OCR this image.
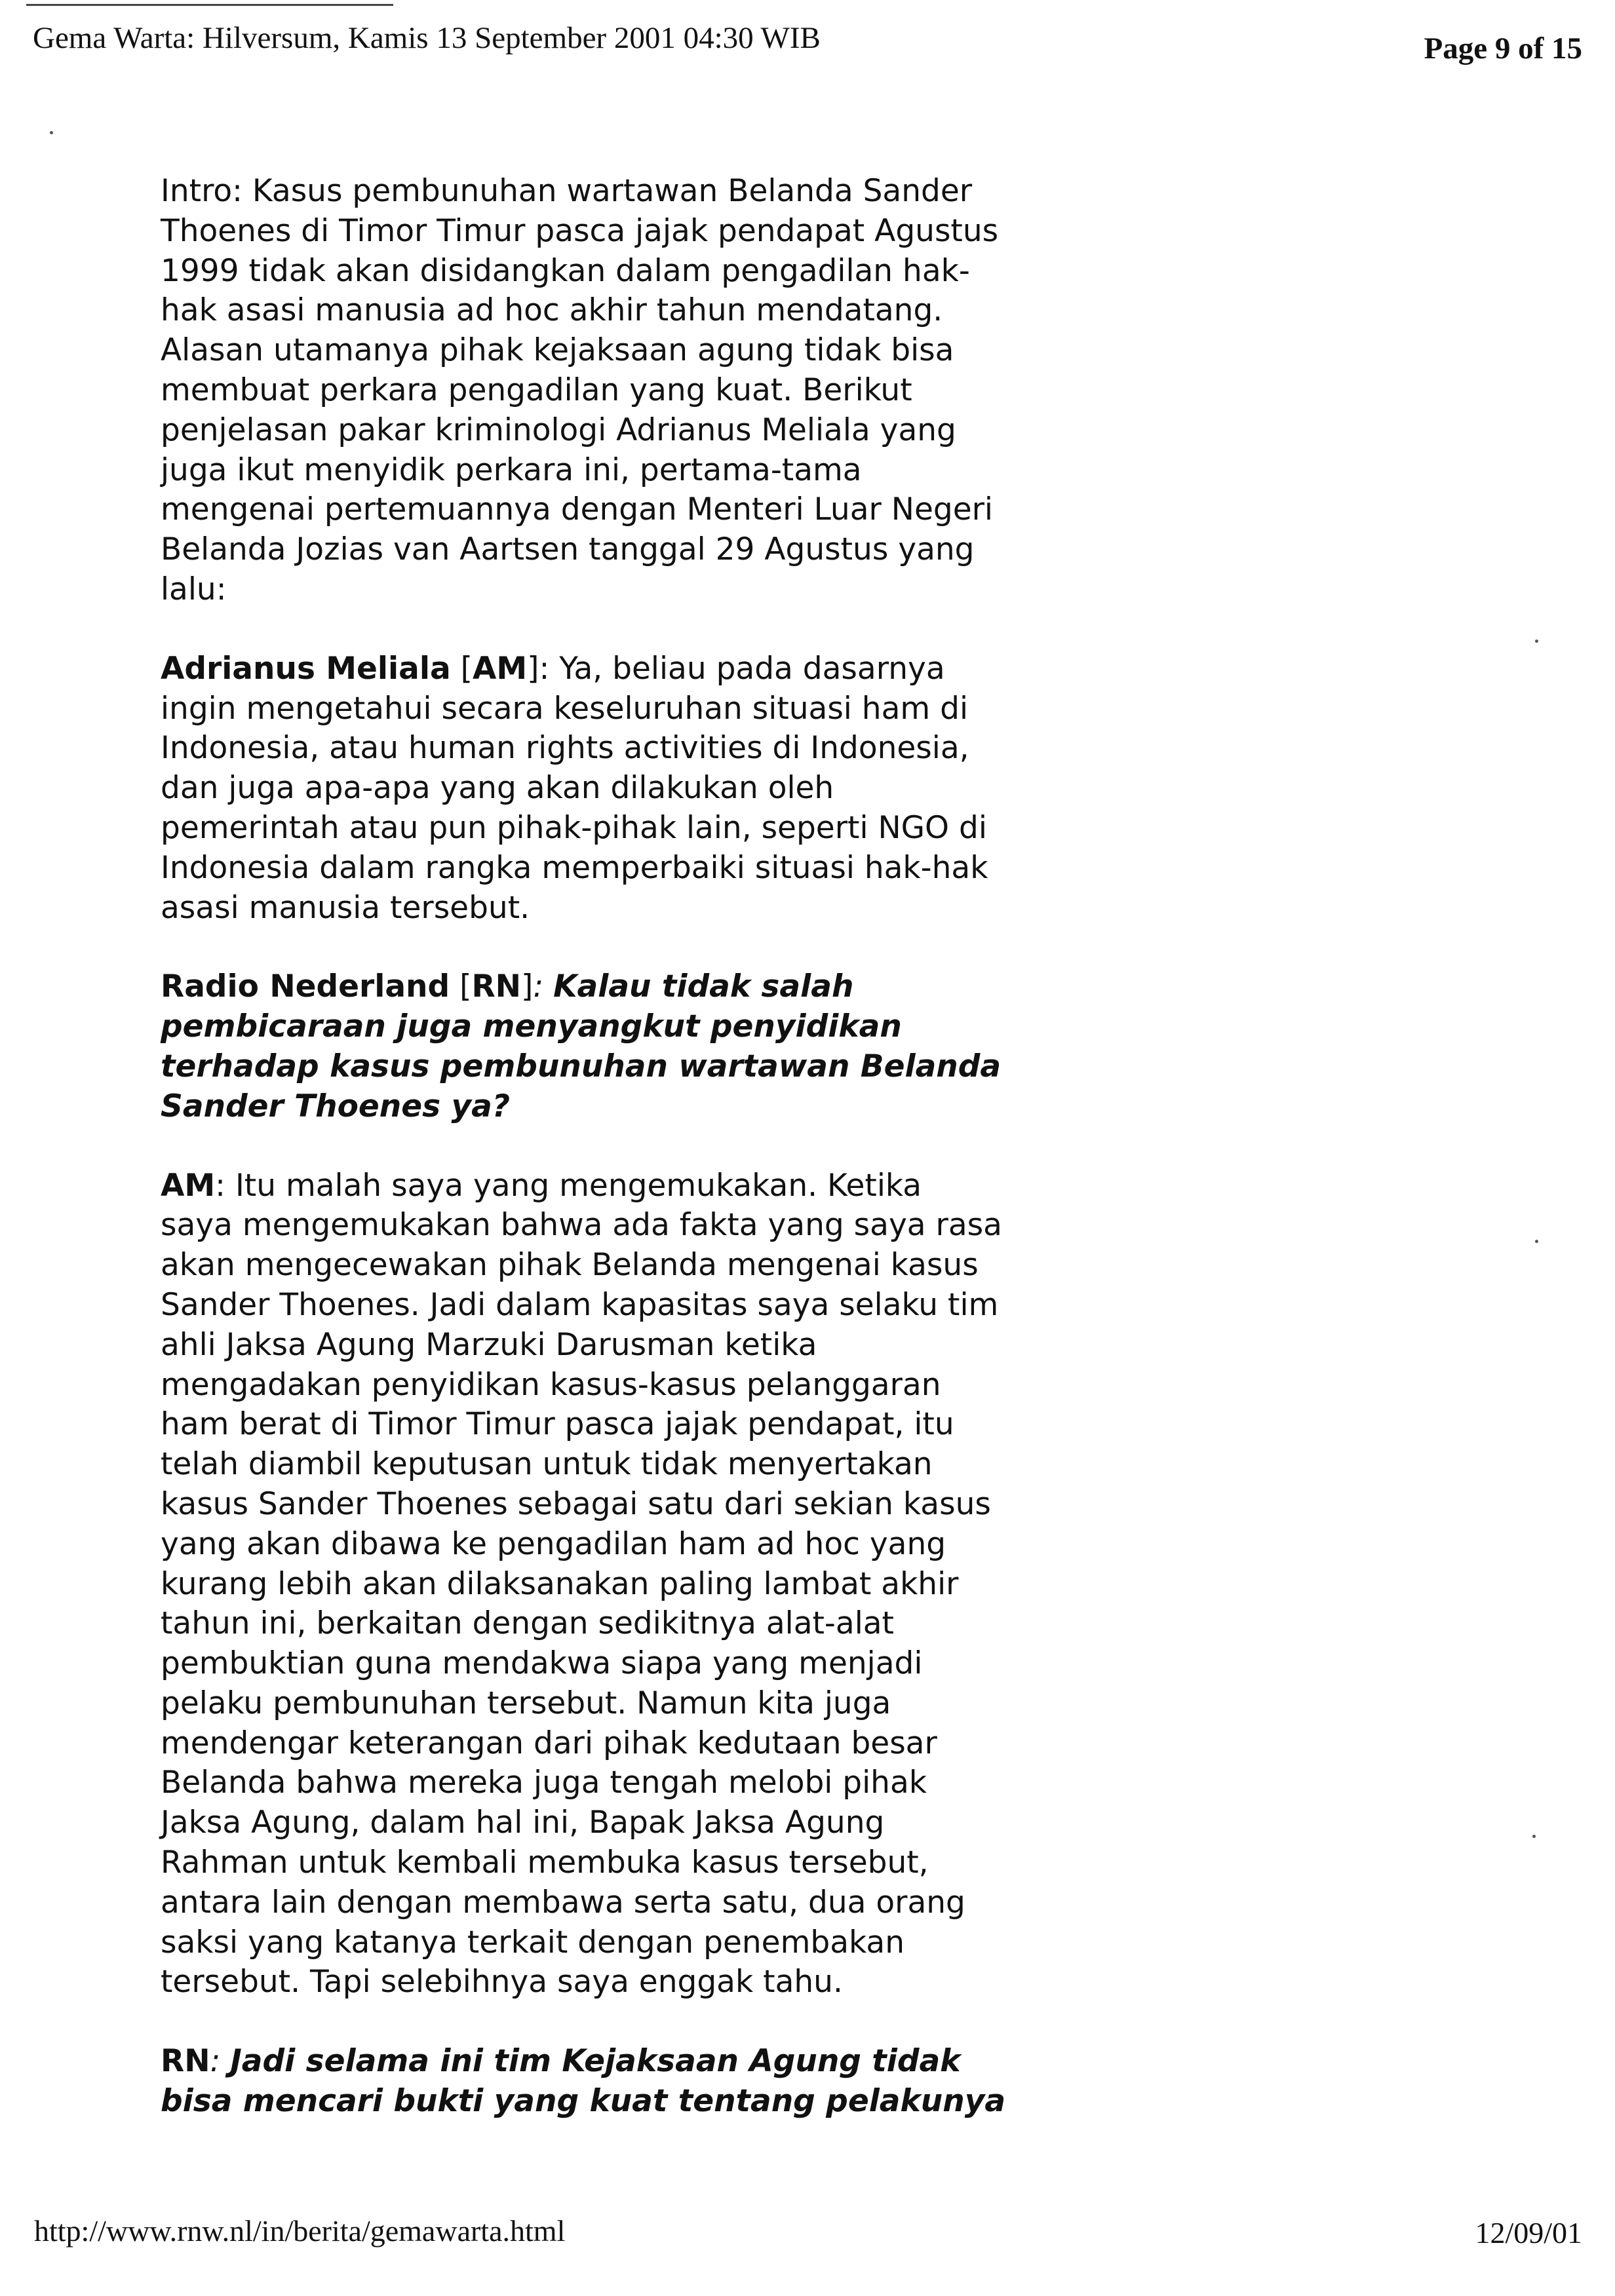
Gema Warta: Hilversum, Kamis 13 September 2001 04:30 WIB	Page 9 of 15
Intro: Kasus pembunuhan wartawan Belanda Sander
Thoenes di Timor Timur pasca jajak pendapat Agustus
1999 tidak akan disidangkan dalam pengadilan hak-
hak asasi manusia ad hoc akhir tahun mendatang.
Alasan utamanya pihak kejaksaan agung tidak bisa
membuat perkara pengadilan yang kuat. Berikut
penjelasan pakar kriminologi Adrianus Meliala yang
juga ikut menyidik perkara ini, pertama-tama
mengenai pertemuannya dengan Menteri Luar Negeri
Belanda Jozias van Aartsen tanggal 29 Agustus yang
lalu:
Adrianus Meliala [AM]: Ya, beliau pada dasarnya
ingin mengetahui secara keseluruhan situasi ham di
Indonesia, atau human rights activities di Indonesia,
dan juga apa-apa yang akan dilakukan oleh
pemerintah atau pun pihak-pihak lain, seperti NGO di
Indonesia dalam rangka memperbaiki situasi hak-hak
asasi manusia tersebut.
Radio Nederland [RN]: Kalau tidak salah
pembicaraan juga menyangkut penyidikan
terhadap kasus pembunuhan wartawan Belanda
Sander Thoenes ya?
AM: Itu malah saya yang mengemukakan. Ketika
saya mengemukakan bahwa ada fakta yang saya rasa
akan mengecewakan pihak Belanda mengenai kasus
Sander Thoenes. Jadi dalam kapasitas saya selaku tim
ahli Jaksa Agung Marzuki Darusman ketika
mengadakan penyidikan kasus-kasus pelanggaran
ham berat di Timor Timur pasca jajak pendapat, itu
telah diambil keputusan untuk tidak menyertakan
kasus Sander Thoenes sebagai satu dari sekian kasus
yang akan dibawa ke pengadilan ham ad hoc yang
kurang lebih akan dilaksanakan paling lambat akhir
tahun ini, berkaitan dengan sedikitnya alat-alat
pembuktian guna mendakwa siapa yang menjadi
pelaku pembunuhan tersebut. Namun kita juga
mendengar keterangan dari pihak kedutaan besar
Belanda bahwa mereka juga tengah melobi pihak
Jaksa Agung, dalam hal ini, Bapak Jaksa Agung
Rahman untuk kembali membuka kasus tersebut,
antara lain dengan membawa serta satu, dua orang
saksi yang katanya terkait dengan penembakan
tersebut. Tapi selebihnya saya enggak tahu.
RN: Jadi selama ini tim Kejaksaan Agung tidak
bisa mencari bukti yang kuat tentang pelakunya
http://www.rnw.nl/in/berita/gemawarta.html	12/09/01
